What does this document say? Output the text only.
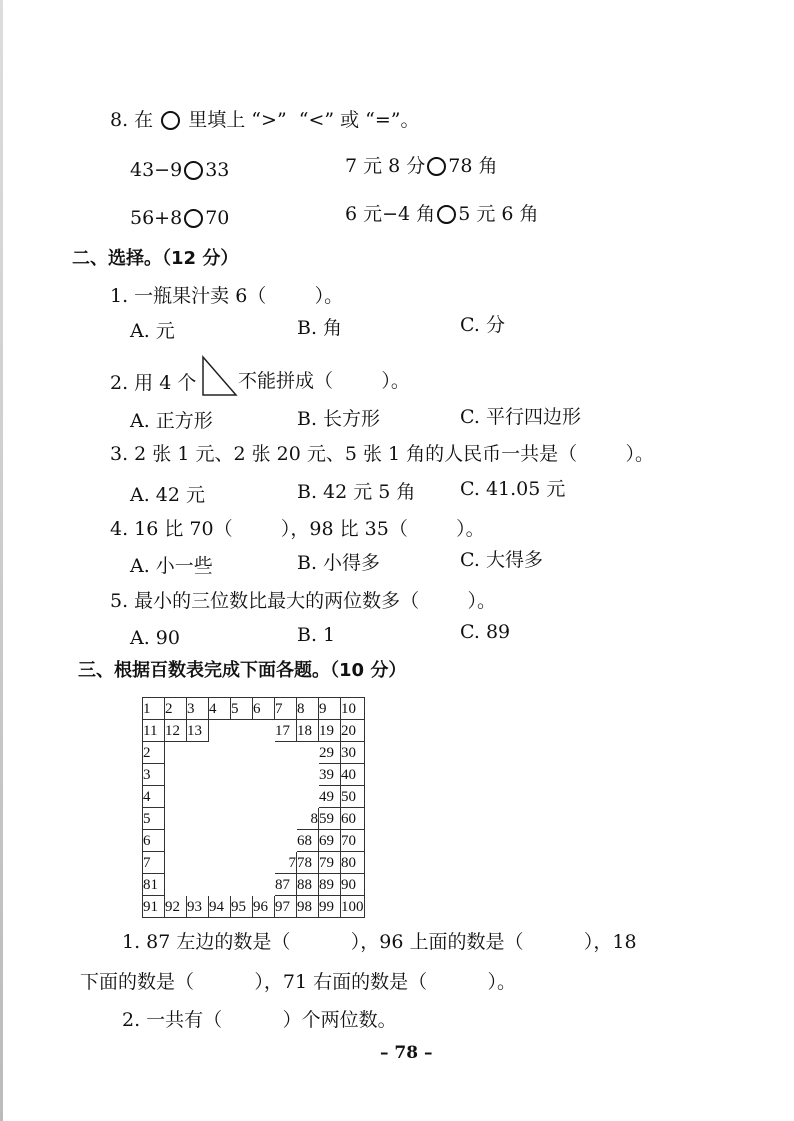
8. 在 里填上 “>”  “<” 或 “=”。
43−9 33	7 元 8 分 78 角
56+8 70	6 元−4 角 5 元 6 角
二、选择。（12 分）
1. 一瓶果汁卖 6（        ）。
A. 元	B. 角	C. 分
2. 用 4 个 不能拼成（        ）。
A. 正方形	B. 长方形	C. 平行四边形
3. 2 张 1 元、2 张 20 元、5 张 1 角的人民币一共是（        ）。
A. 42 元	B. 42 元 5 角 C. 41.05 元
4. 16 比 70（        ），98 比 35（        ）。
A. 小一些	B. 小得多	C. 大得多
5. 最小的三位数比最大的两位数多（        ）。
A. 90	B. 1	C. 89
三、根据百数表完成下面各题。（10 分）
1	2	3	4	5	6	7	8	9	10
11	12	13				17	18	19	20
2								29	30
3								39	40
4								49	50
5							8	59	60
6							68	69	70
7						7	78	79	80
81						87	88	89	90
91	92	93	94	95	96	97	98	99	100
1. 87 左边的数是（          ），96 上面的数是（          ），18
下面的数是（          ），71 右面的数是（          ）。
2. 一共有（          ）个两位数。
– 78 –
